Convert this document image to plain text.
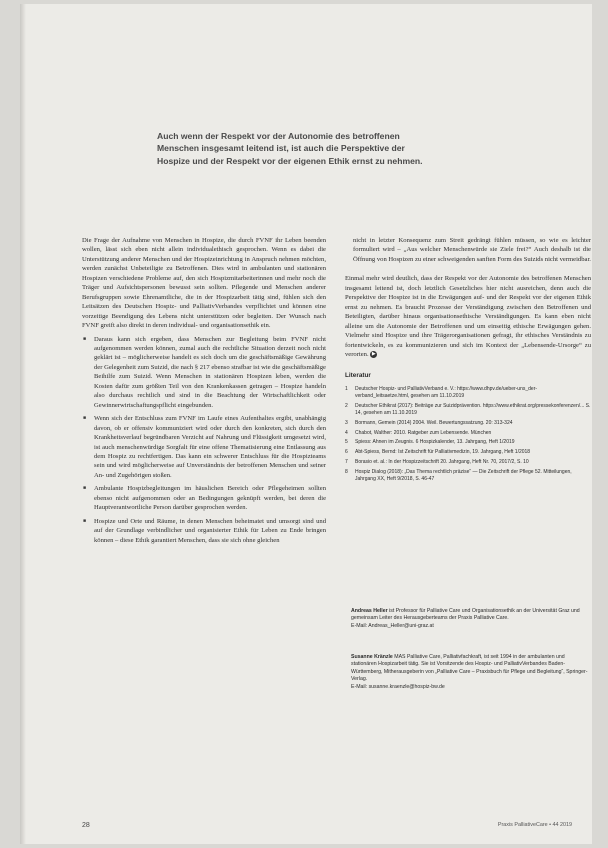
Auch wenn der Respekt vor der Autonomie des betroffenen Menschen insgesamt leitend ist, ist auch die Perspektive der Hospize und der Respekt vor der eigenen Ethik ernst zu nehmen.

Die Frage der Aufnahme von Menschen in Hospize, die durch FVNF ihr Leben beenden wollen, lässt sich eben nicht allein individualethisch gesprochen. Wenn es dabei die Unterstützung anderer Menschen und der Hospizeinrichtung in Anspruch nehmen möchten, werden zunächst Unbeteiligte zu Betroffenen. Dies wird in ambulanten und stationären Hospizen verschiedene Probleme auf, den sich Hospizmitarbeiterinnen und mehr noch die Träger und Aufsichtspersonen bewusst sein sollten. Pflegende und Menschen anderer Berufsgruppen sowie Ehrenamtliche, die in der Hospizarbeit tätig sind, fühlen sich den Leitsätzen des Deutschen Hospiz- und PalliativVerbandes verpflichtet und können eine vorzeitige Beendigung des Lebens nicht unterstützen oder begleiten. Der Wunsch nach FVNF greift also direkt in deren individual- und organisationsethik ein.

■ Daraus kann sich ergeben, dass Menschen zur Begleitung beim FVNF nicht aufgenommen werden können, zumal auch die rechtliche Situation derzeit noch nicht geklärt ist – möglicherweise handelt es sich doch um die geschäftsmäßige Gewährung der Gelegenheit zum Suizid, die nach § 217 ebenso strafbar ist wie die geschäftsmäßige Beihilfe zum Suizid. Wenn Menschen in stationären Hospizen leben, werden die Kosten dafür zum größten Teil von den Krankenkassen getragen – Hospize handeln also durchaus rechtlich und sind in die Beachtung der Wirtschaftlichkeit oder Gewinnerwirtschaftungspflicht eingebunden.
■ Wenn sich der Entschluss zum FVNF im Laufe eines Aufenthaltes ergibt, unabhängig davon, ob er offensiv kommuniziert wird oder durch den konkreten, sich durch den Krankheitsverlauf begründbaren Verzicht auf Nahrung und Flüssigkeit umgesetzt wird, ist auch menschenwürdige Sorgfalt für eine offene Thematisierung eine Entlassung aus dem Hospiz zu rechtfertigen. Das kann ein schwerer Entschluss für die Hospizteams sein und wird möglicherweise auf Unverständnis der betroffenen Menschen und seiner An- und Zugehörigen stoßen.
■ Ambulante Hospizbegleitungen im häuslichen Bereich oder Pflegeheimen sollten ebenso nicht aufgenommen oder an Bedingungen geknüpft werden, bei deren die Hauptverantwortliche Person darüber gesprochen werden.
■ Hospize und Orte und Räume, in denen Menschen beheimatet und umsorgt sind und auf der Grundlage verbindlicher und organisierter Ethik für Leben zu Ende bringen können – diese Ethik garantiert Menschen, dass sie sich ohne gleichen

nicht in letzter Konsequenz zum Streit gedrängt fühlen müssen, so wie es leichter formuliert wird – „Aus welcher Menschenwürde sie Ziele frei?“ Auch deshalb ist die Öffnung von Hospizen zu einer schweigenden sanften Form des Suizids nicht vermeidbar.

Einmal mehr wird deutlich, dass der Respekt vor der Autonomie des betroffenen Menschen insgesamt leitend ist, doch letztlich Gesetzliches hier nicht ausreichen, denn auch die Perspektive der Hospize ist in die Erwägungen auf- und der Respekt vor der eigenen Ethik ernst zu nehmen. Es braucht Prozesse der Verständigung zwischen den Betroffenen und Beteiligten, darüber hinaus organisationsethische Verständigungen. Es kann eben nicht alleine um die Autonomie der Betroffenen und um einseitig ethische Erwägungen gehen. Vielmehr sind Hospize und ihre Trägerorganisationen gefragt, ihr ethisches Verständnis zu fortentwickeln, es zu kommunizieren und sich im Kontext der „Lebensende-Ursorge“ zu verorten. ▶

Literatur
1 Deutscher Hospiz- und PalliativVerband e. V.: https://www.dhpv.de/ueber-uns_der-verband_leitsaetze.html, gesehen am 11.10.2019
2 Deutscher Ethikrat (2017): Beiträge zur Suizidprävention. https://www.ethikrat.org/pressekonferenzen/... S. 14, gesehen am 11.10.2019
3 Bormann, Gemein (2014) 2004. Weil. Bewertungssatzung. 20: 313-324
4 Chabot, Walther: 2010. Ratgeber zum Lebensende. München
5 Spiess: Ahnen im Zeugnis. 6 Hospizkalender, 13. Jahrgang, Heft 1/2019
6 Abt-Spiess, Bernd: Ist Zeitschrift für Palliativmedizin, 19. Jahrgang, Heft 1/2018
7 Borasio et. al.: In der Hospizzeitschrift 20. Jahrgang, Heft Nr. 70, 2017/2, S. 10
8 Hospiz Dialog (2018): „Das Thema rechtlich präzise“ — Die Zeitschrift der Pflege 52. Mitteilungen, Jahrgang XX, Heft 9/2018, S. 46-47

Andreas Heller ist Professor für Palliative Care und Organisationsethik an der Universität Graz und gemeinsam Leiter des Herausgeberteams der Praxis Palliative Care.

E-Mail: Andreas_Heller@uni-graz.at

Susanne Kränzle MAS Palliative Care, Palliativfachkraft, ist seit 1994 in der ambulanten und stationären Hospizarbeit tätig. Sie ist Vorsitzende des Hospiz- und PalliativVerbandes Baden-Württemberg, Mitherausgeberin von „Palliative Care – Praxisbuch für Pflege und Begleitung“, Springer-Verlag.

E-Mail: susanne.kraenzle@hospiz-bw.de

28	Praxis PalliativeCare • 44 2019
